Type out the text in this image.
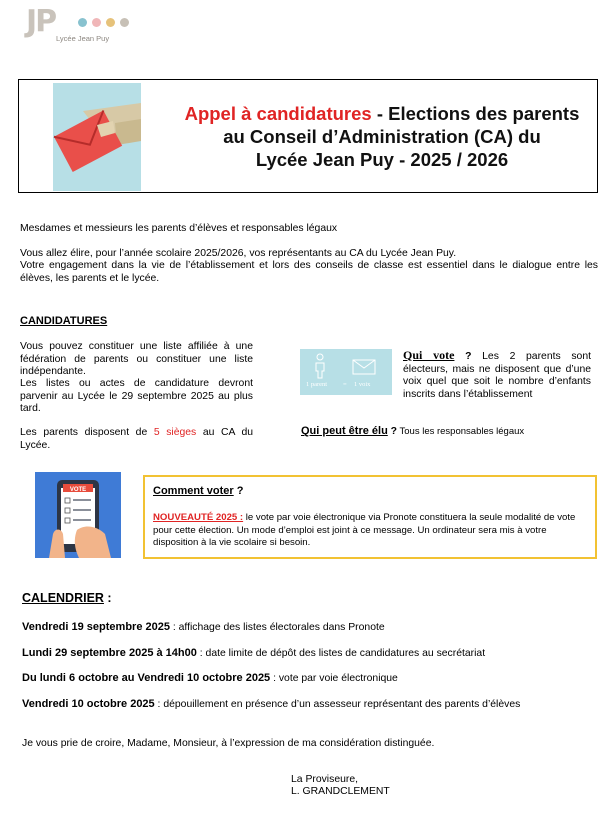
JP Lycée Jean Puy
Appel à candidatures - Elections des parents
au Conseil d’Administration (CA) du
Lycée Jean Puy - 2025 / 2026
Mesdames et messieurs les parents d’élèves et responsables légaux
Vous allez élire, pour l’année scolaire 2025/2026, vos représentants au CA du Lycée Jean Puy.
Votre engagement dans la vie de l’établissement et lors des conseils de classe est essentiel dans le dialogue entre les élèves, les parents et le lycée.
CANDIDATURES
Vous pouvez constituer une liste affiliée à une fédération de parents ou constituer une liste indépendante.
Les listes ou actes de candidature devront parvenir au Lycée le 29 septembre 2025 au plus tard.
Les parents disposent de 5 sièges au CA du Lycée.
1 parent = 1 voix
Qui vote ? Les 2 parents sont électeurs, mais ne disposent que d’une voix quel que soit le nombre d’enfants inscrits dans l’établissement
Qui peut être élu ? Tous les responsables légaux
VOTE	Comment voter ?
NOUVEAUTÉ 2025 : le vote par voie électronique via Pronote constituera la seule modalité de vote pour cette élection. Un mode d’emploi est joint à ce message. Un ordinateur sera mis à votre disposition à la vie scolaire si besoin.
CALENDRIER :
Vendredi 19 septembre 2025 : affichage des listes électorales dans Pronote
Lundi 29 septembre 2025 à 14h00 : date limite de dépôt des listes de candidatures au secrétariat
Du lundi 6 octobre au Vendredi 10 octobre 2025 : vote par voie électronique
Vendredi 10 octobre 2025 : dépouillement en présence d’un assesseur représentant des parents d’élèves
Je vous prie de croire, Madame, Monsieur, à l’expression de ma considération distinguée.
La Proviseure,
L. GRANDCLEMENT
